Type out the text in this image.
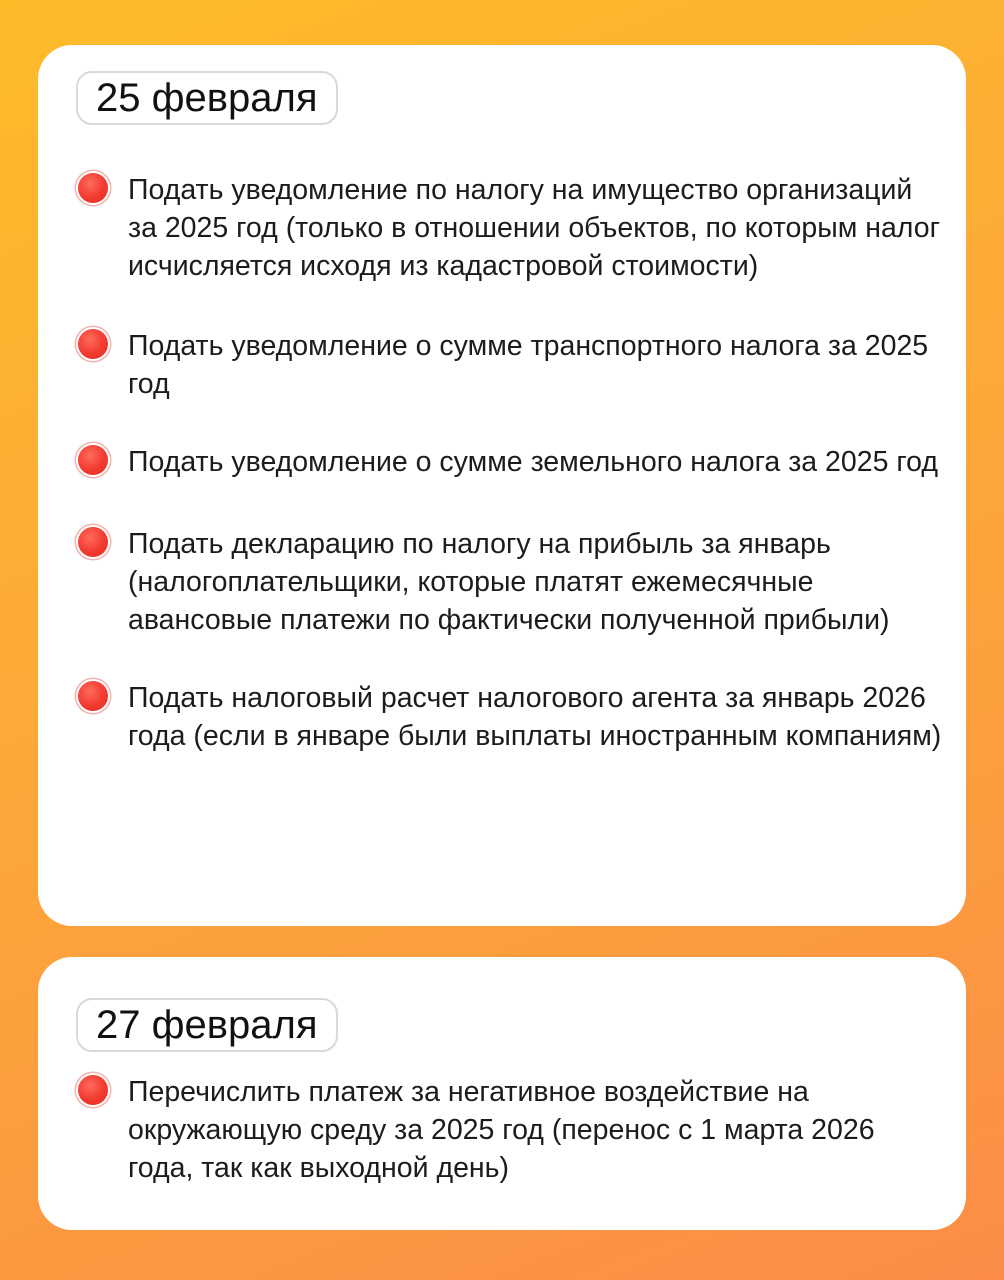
25 февраля
Подать уведомление по налогу на имущество организаций за 2025 год (только в отношении объектов, по которым налог исчисляется исходя из кадастровой стоимости)
Подать уведомление о сумме транспортного налога за 2025 год
Подать уведомление о сумме земельного налога за 2025 год
Подать декларацию по налогу на прибыль за январь (налогоплательщики, которые платят ежемесячные авансовые платежи по фактически полученной прибыли)
Подать налоговый расчет налогового агента за январь 2026 года (если в январе были выплаты иностранным компаниям)
27 февраля
Перечислить платеж за негативное воздействие на окружающую среду за 2025 год (перенос с 1 марта 2026 года, так как выходной день)
